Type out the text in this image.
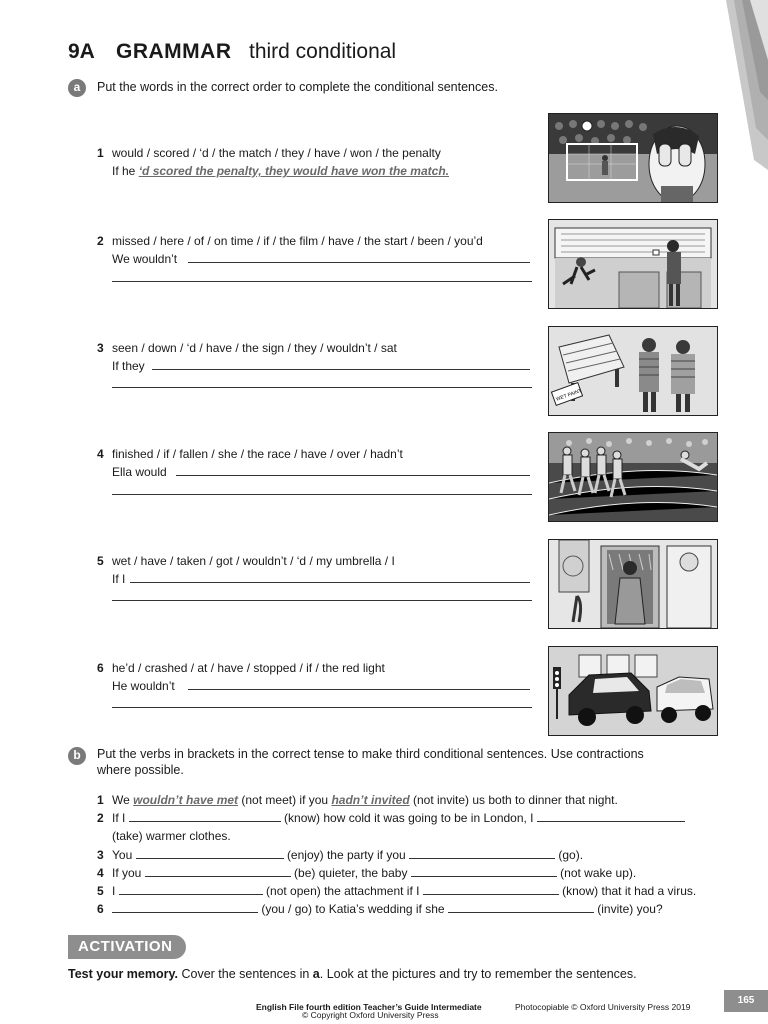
9A GRAMMAR third conditional
a	Put the words in the correct order to complete the conditional sentences.
1 would / scored / ‘d / the match / they / have / won / the penalty
If he ‘d scored the penalty, they would have won the match.
2 missed / here / of / on time / if / the film / have / the start / been / you’d
We wouldn’t
3 seen / down / ‘d / have / the sign / they / wouldn’t / sat
If they
4 finished / if / fallen / she / the race / have / over / hadn’t
Ella would
5 wet / have / taken / got / wouldn’t / ‘d / my umbrella / I
If I
6 he’d / crashed / at / have / stopped / if / the red light
He wouldn’t
WET PAINT
b	Put the verbs in brackets in the correct tense to make third conditional sentences. Use contractions
where possible.
1 We wouldn’t have met (not meet) if you hadn’t invited (not invite) us both to dinner that night.
2 If I	(know) how cold it was going to be in London, I
(take) warmer clothes.
3 You	(enjoy) the party if you	(go).
4 If you	(be) quieter, the baby	(not wake up).
5 I	(not open) the attachment if I	(know) that it had a virus.
6	(you / go) to Katia’s wedding if she	(invite) you?
ACTIVATION
Test your memory. Cover the sentences in a. Look at the pictures and try to remember the sentences.
English File fourth edition Teacher’s Guide Intermediate	Photocopiable © Oxford University Press 2019
© Copyright Oxford University Press
165
